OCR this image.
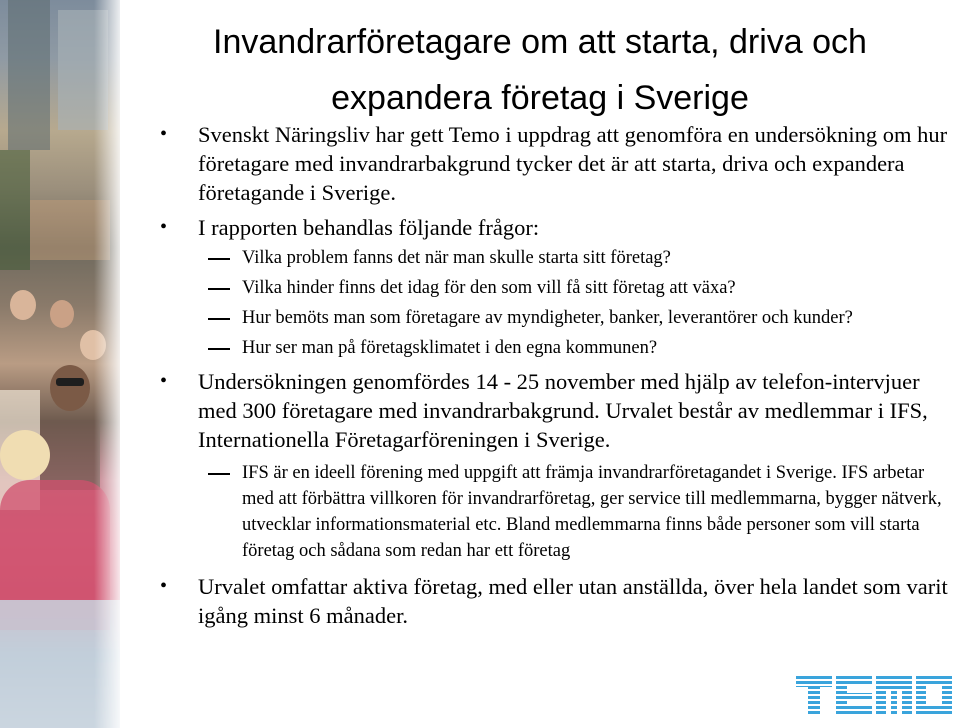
Invandrarföretagare om att starta, driva och
expandera företag i Sverige
• Svenskt Näringsliv har gett Temo i uppdrag att genomföra en undersökning om hur företagare med invandrarbakgrund tycker det är att starta, driva och expandera företagande i Sverige.
• I rapporten behandlas följande frågor:
Vilka problem fanns det när man skulle starta sitt företag?
Vilka hinder finns det idag för den som vill få sitt företag att växa?
Hur bemöts man som företagare av myndigheter, banker, leverantörer och kunder?
Hur ser man på företagsklimatet i den egna kommunen?
• Undersökningen genomfördes 14 - 25 november med hjälp av telefon-intervjuer med 300 företagare med invandrarbakgrund. Urvalet består av medlemmar i IFS, Internationella Företagarföreningen i Sverige.
IFS är en ideell förening med uppgift att främja invandrarföretagandet i Sverige. IFS arbetar med att förbättra villkoren för invandrarföretag, ger service till medlemmarna, bygger nätverk, utvecklar informationsmaterial etc. Bland medlemmarna finns både personer som vill starta företag och sådana som redan har ett företag
• Urvalet omfattar aktiva företag, med eller utan anställda, över hela landet som varit igång minst 6 månader.
